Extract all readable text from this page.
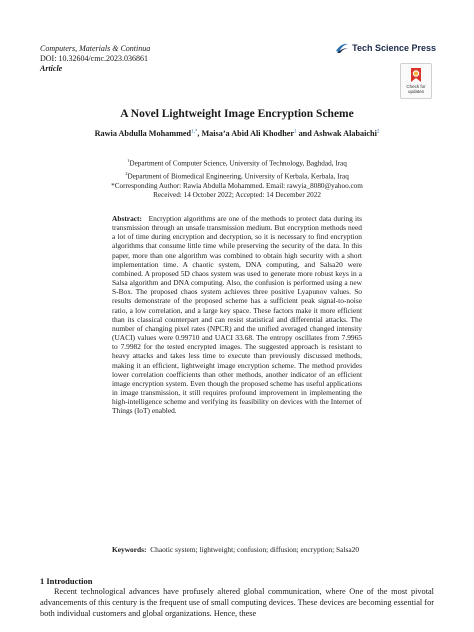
Computers, Materials & Continua
DOI: 10.32604/cmc.2023.036861
Article
Tech Science Press
Check for updates
A Novel Lightweight Image Encryption Scheme
Rawia Abdulla Mohammed$^{1,*}$, Maisa’a Abid Ali Khodher$^1$ and Ashwak Alabaichi$^2$
$^1$Department of Computer Science, University of Technology, Baghdad, Iraq
$^2$Department of Biomedical Engineering, University of Kerbala, Kerbala, Iraq
*Corresponding Author: Rawia Abdulla Mohammed. Email: rawyia_8080@yahoo.com
Received: 14 October 2022; Accepted: 14 December 2022
Abstract: Encryption algorithms are one of the methods to protect data during its transmission through an unsafe transmission medium. But encryption methods need a lot of time during encryption and decryption, so it is necessary to find encryption algorithms that consume little time while preserving the security of the data. In this paper, more than one algorithm was combined to obtain high security with a short implementation time. A chaotic system, DNA computing, and Salsa20 were combined. A proposed 5D chaos system was used to generate more robust keys in a Salsa algorithm and DNA computing. Also, the confusion is performed using a new S-Box. The proposed chaos system achieves three positive Lyapunov values. So results demonstrate of the proposed scheme has a sufficient peak signal-to-noise ratio, a low correlation, and a large key space. These factors make it more efficient than its classical counterpart and can resist statistical and differential attacks. The number of changing pixel rates (NPCR) and the unified averaged changed intensity (UACI) values were 0.99710 and UACI 33.68. The entropy oscillates from 7.9965 to 7.9982 for the tested encrypted images. The suggested approach is resistant to heavy attacks and takes less time to execute than previously discussed methods, making it an efficient, lightweight image encryption scheme. The method provides lower correlation coefficients than other methods, another indicator of an efficient image encryption system. Even though the proposed scheme has useful applications in image transmission, it still requires profound improvement in implementing the high-intelligence scheme and verifying its feasibility on devices with the Internet of Things (IoT) enabled.
Keywords: Chaotic system; lightweight; confusion; diffusion; encryption; Salsa20
1 Introduction
Recent technological advances have profusely altered global communication, where One of the most pivotal advancements of this century is the frequent use of small computing devices. These devices are becoming essential for both individual customers and global organizations. Hence, these
